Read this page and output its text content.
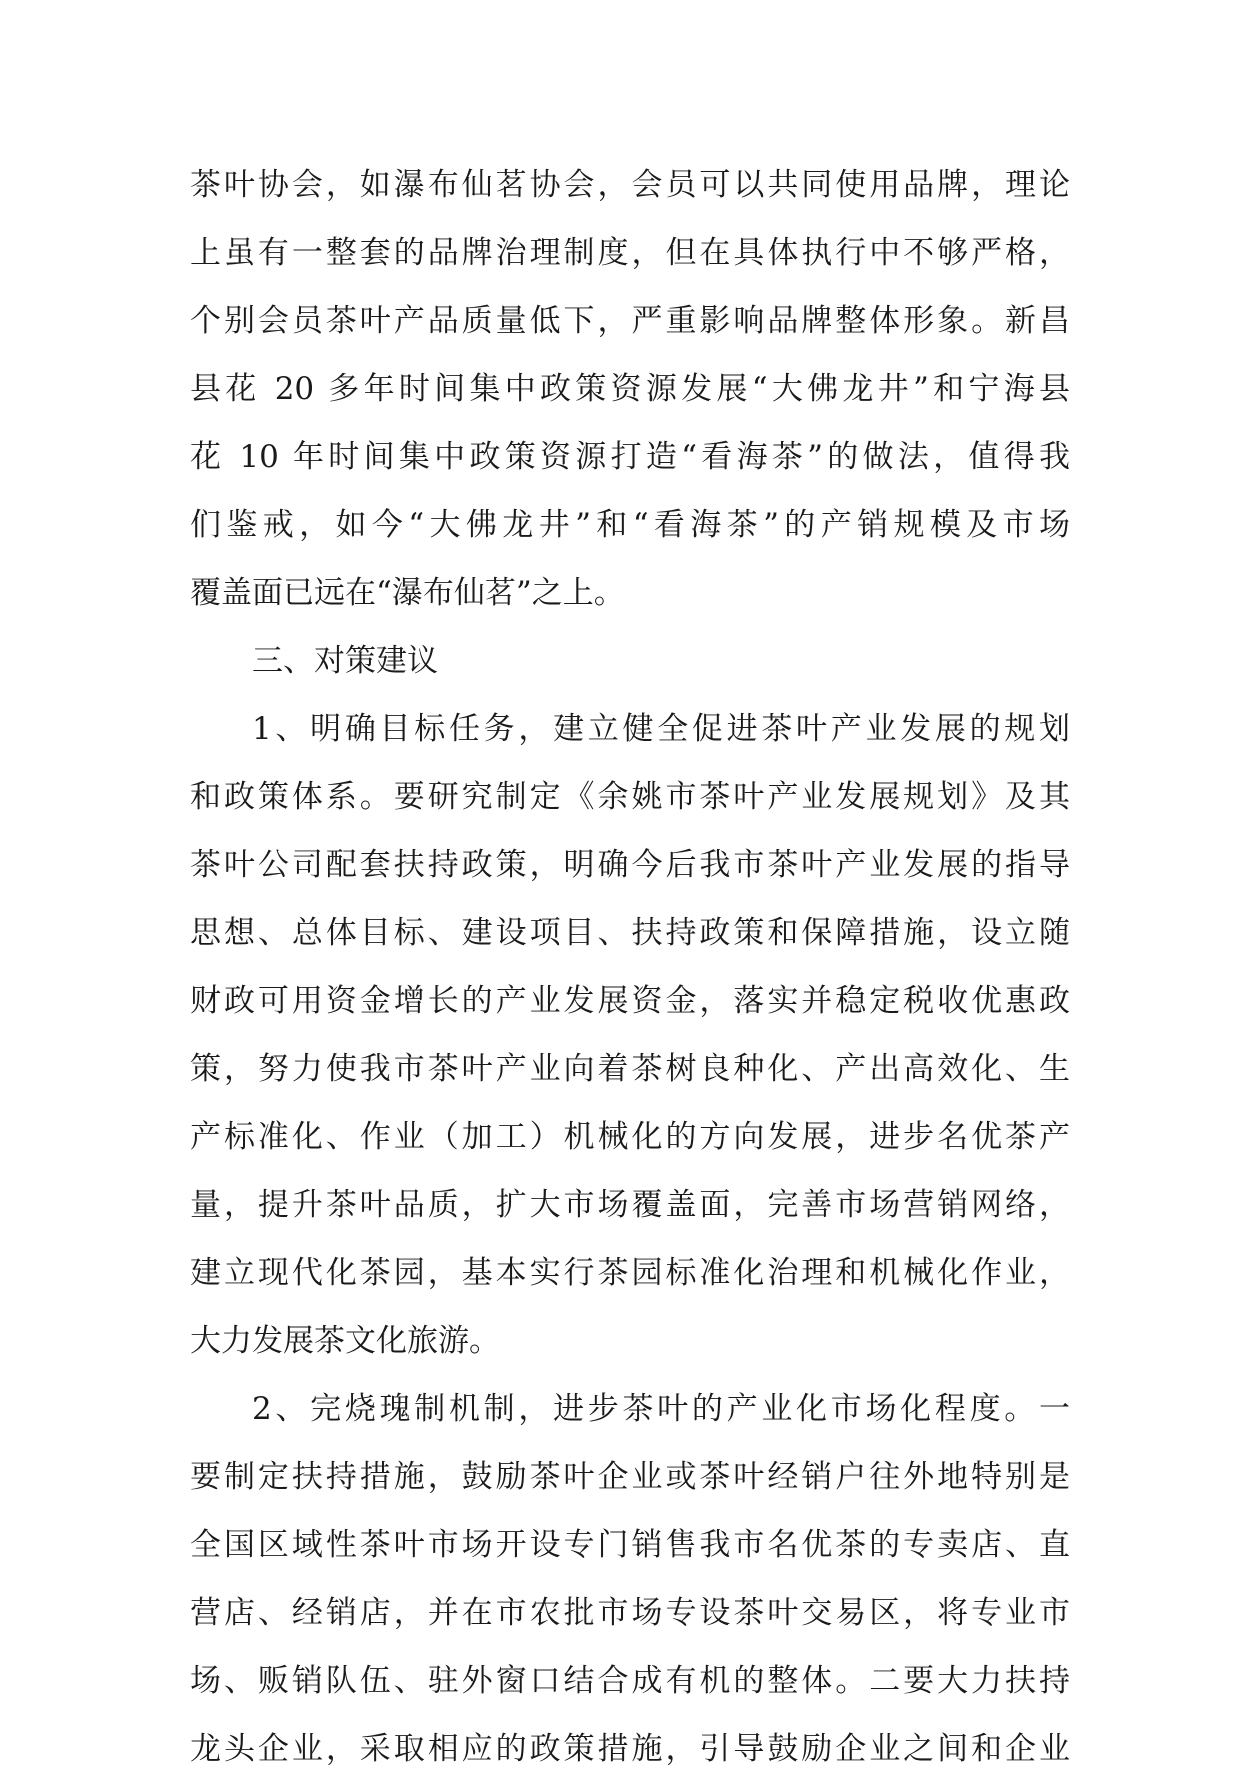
茶叶协会，如瀑布仙茗协会，会员可以共同使用品牌，理论
上虽有一整套的品牌治理制度，但在具体执行中不够严格，
个别会员茶叶产品质量低下，严重影响品牌整体形象。新昌
县花 20 多年时间集中政策资源发展“大佛龙井”和宁海县
花 10 年时间集中政策资源打造“看海茶”的做法，值得我
们鉴戒，如今“大佛龙井”和“看海茶”的产销规模及市场
覆盖面已远在“瀑布仙茗”之上。
三、对策建议
1、明确目标任务，建立健全促进茶叶产业发展的规划
和政策体系。要研究制定《余姚市茶叶产业发展规划》及其
茶叶公司配套扶持政策，明确今后我市茶叶产业发展的指导
思想、总体目标、建设项目、扶持政策和保障措施，设立随
财政可用资金增长的产业发展资金，落实并稳定税收优惠政
策，努力使我市茶叶产业向着茶树良种化、产出高效化、生
产标准化、作业（加工）机械化的方向发展，进步名优茶产
量，提升茶叶品质，扩大市场覆盖面，完善市场营销网络，
建立现代化茶园，基本实行茶园标准化治理和机械化作业，
大力发展茶文化旅游。
2、完烧瑰制机制，进步茶叶的产业化市场化程度。一
要制定扶持措施，鼓励茶叶企业或茶叶经销户往外地特别是
全国区域性茶叶市场开设专门销售我市名优茶的专卖店、直
营店、经销店，并在市农批市场专设茶叶交易区，将专业市
场、贩销队伍、驻外窗口结合成有机的整体。二要大力扶持
龙头企业，采取相应的政策措施，引导鼓励企业之间和企业
